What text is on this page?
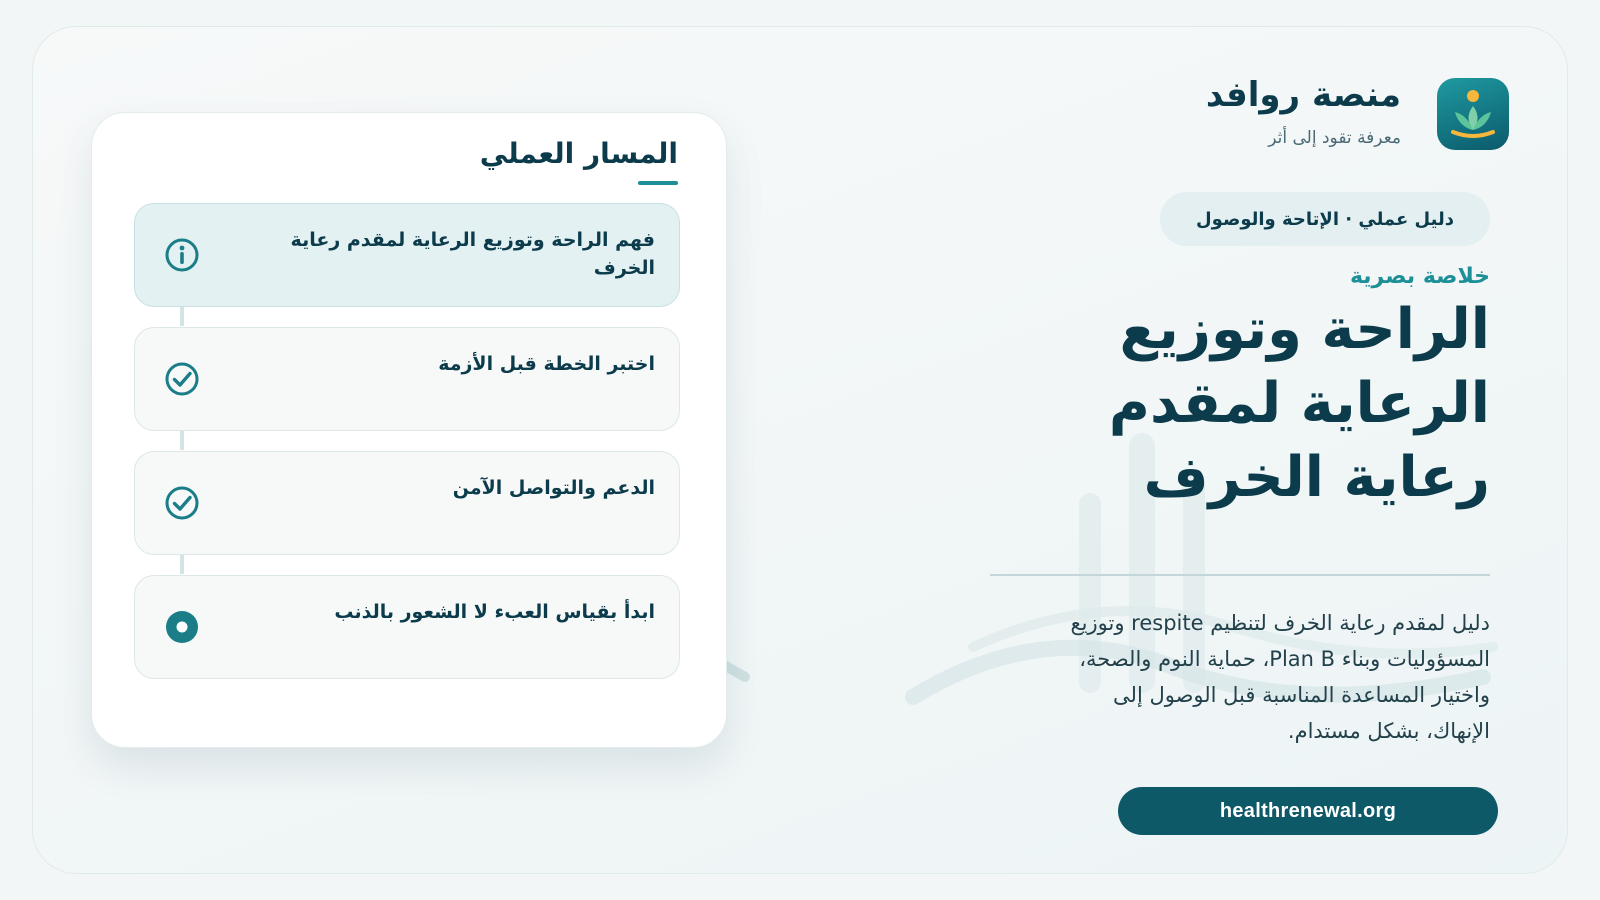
منصة روافد
معرفة تقود إلى أثر
دليل عملي · الإتاحة والوصول
خلاصة بصرية
الراحة وتوزيع
الرعاية لمقدم
رعاية الخرف
دليل لمقدم رعاية الخرف لتنظيم respite وتوزيع المسؤوليات وبناء Plan B، حماية النوم والصحة، واختيار المساعدة المناسبة قبل الوصول إلى الإنهاك، بشكل مستدام.
healthrenewal.org
المسار العملي
فهم الراحة وتوزيع الرعاية لمقدم رعاية الخرف
اختبر الخطة قبل الأزمة
الدعم والتواصل الآمن
ابدأ بقياس العبء لا الشعور بالذنب
